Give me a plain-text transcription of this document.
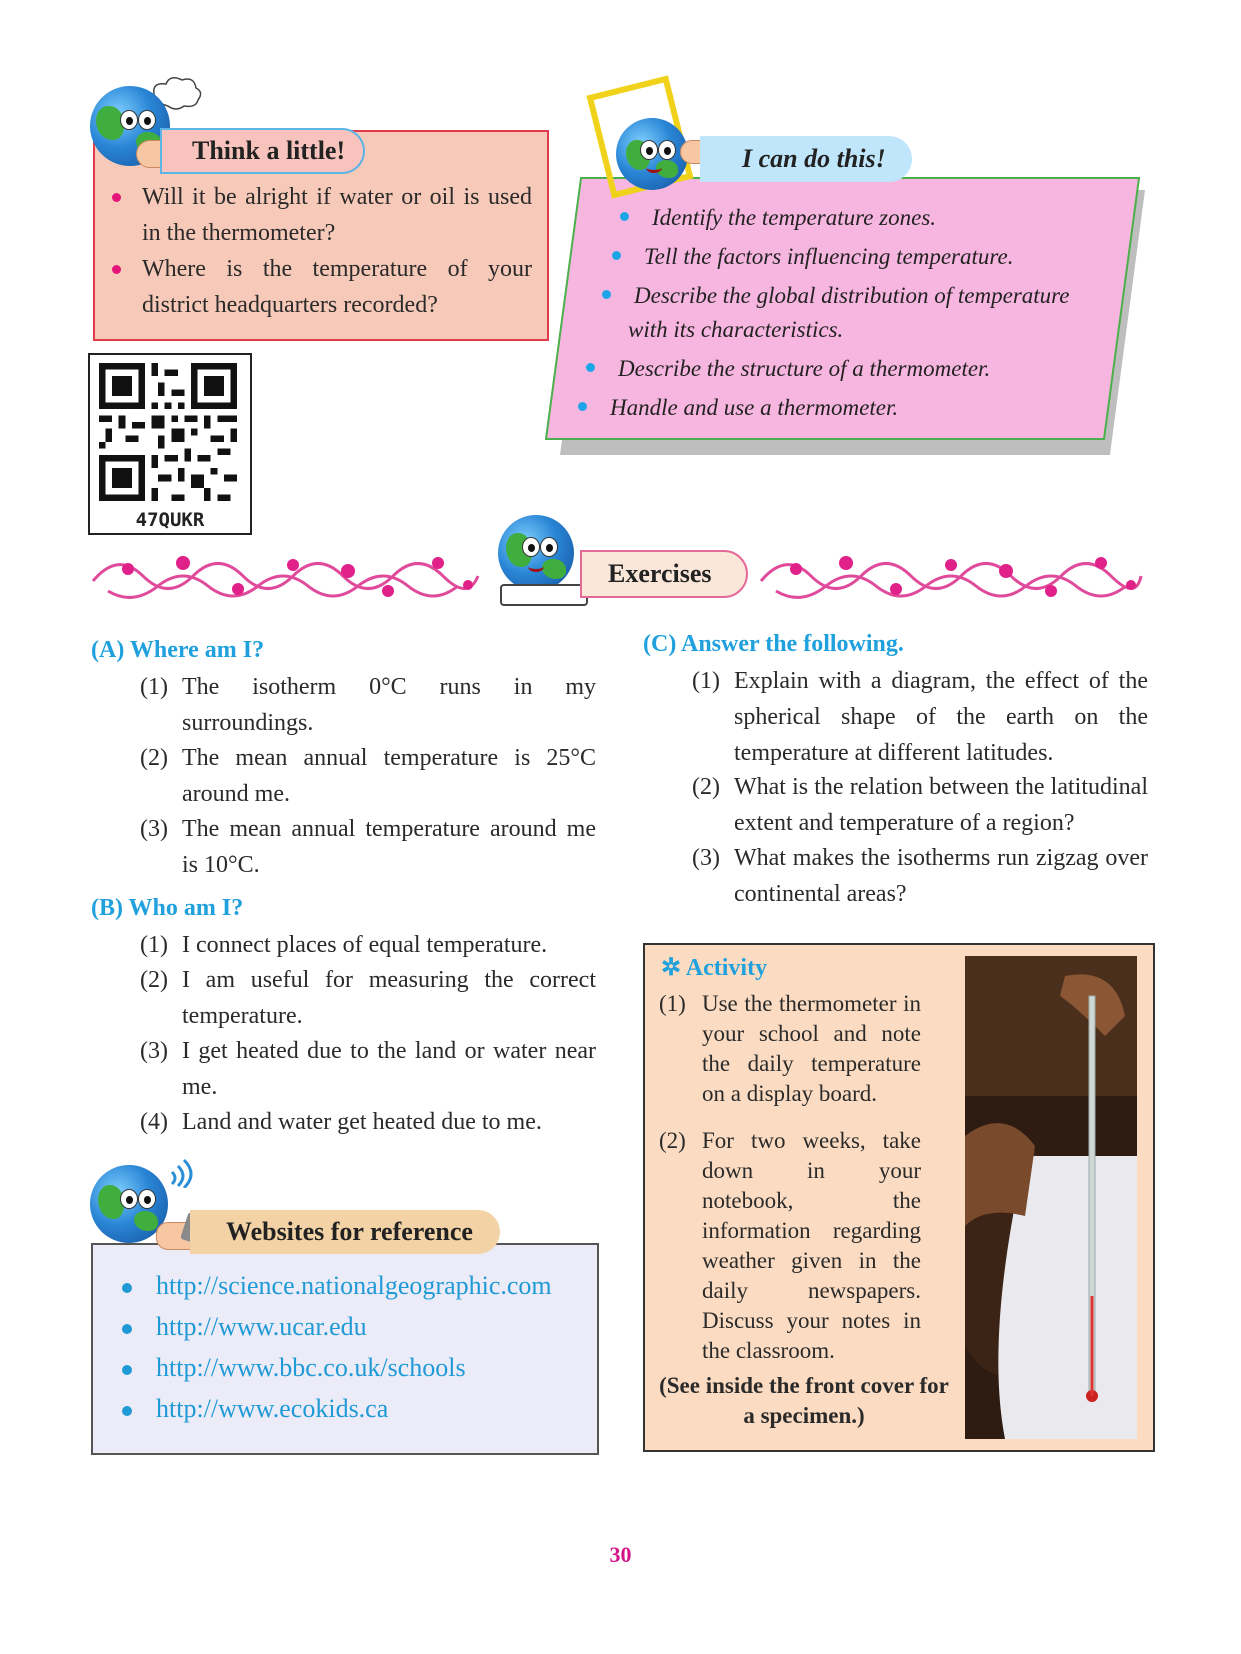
Think a little!
Will it be alright if water or oil is used in the thermometer?
Where is the temperature of your district headquarters recorded?
I can do this!
Identify the temperature zones.
Tell the factors influencing temperature.
Describe the global distribution of temperature
with its characteristics.
Describe the structure of a thermometer.
Handle and use a thermometer.
47QUKR
Exercises
(A) Where am I?
(1) The isotherm 0°C runs in my surroundings.
(2) The mean annual temperature is 25°C around me.
(3) The mean annual temperature around me is 10°C.
(B) Who am I?
(1) I connect places of equal temperature.
(2) I am useful for measuring the correct temperature.
(3) I get heated due to the land or water near me.
(4) Land and water get heated due to me.
(C) Answer the following.
(1) Explain with a diagram, the effect of the spherical shape of the earth on the temperature at different latitudes.
(2) What is the relation between the latitudinal extent and temperature of a region?
(3) What makes the isotherms run zigzag over continental areas?
Websites for reference
http://science.nationalgeographic.com
http://www.ucar.edu
http://www.bbc.co.uk/schools
http://www.ecokids.ca
✲ Activity
(1) Use the thermometer in your school and note the daily temperature on a display board.
(2) For two weeks, take down in your notebook, the information regarding weather given in the daily newspapers. Discuss your notes in the classroom.
(See inside the front cover for a specimen.)
30
